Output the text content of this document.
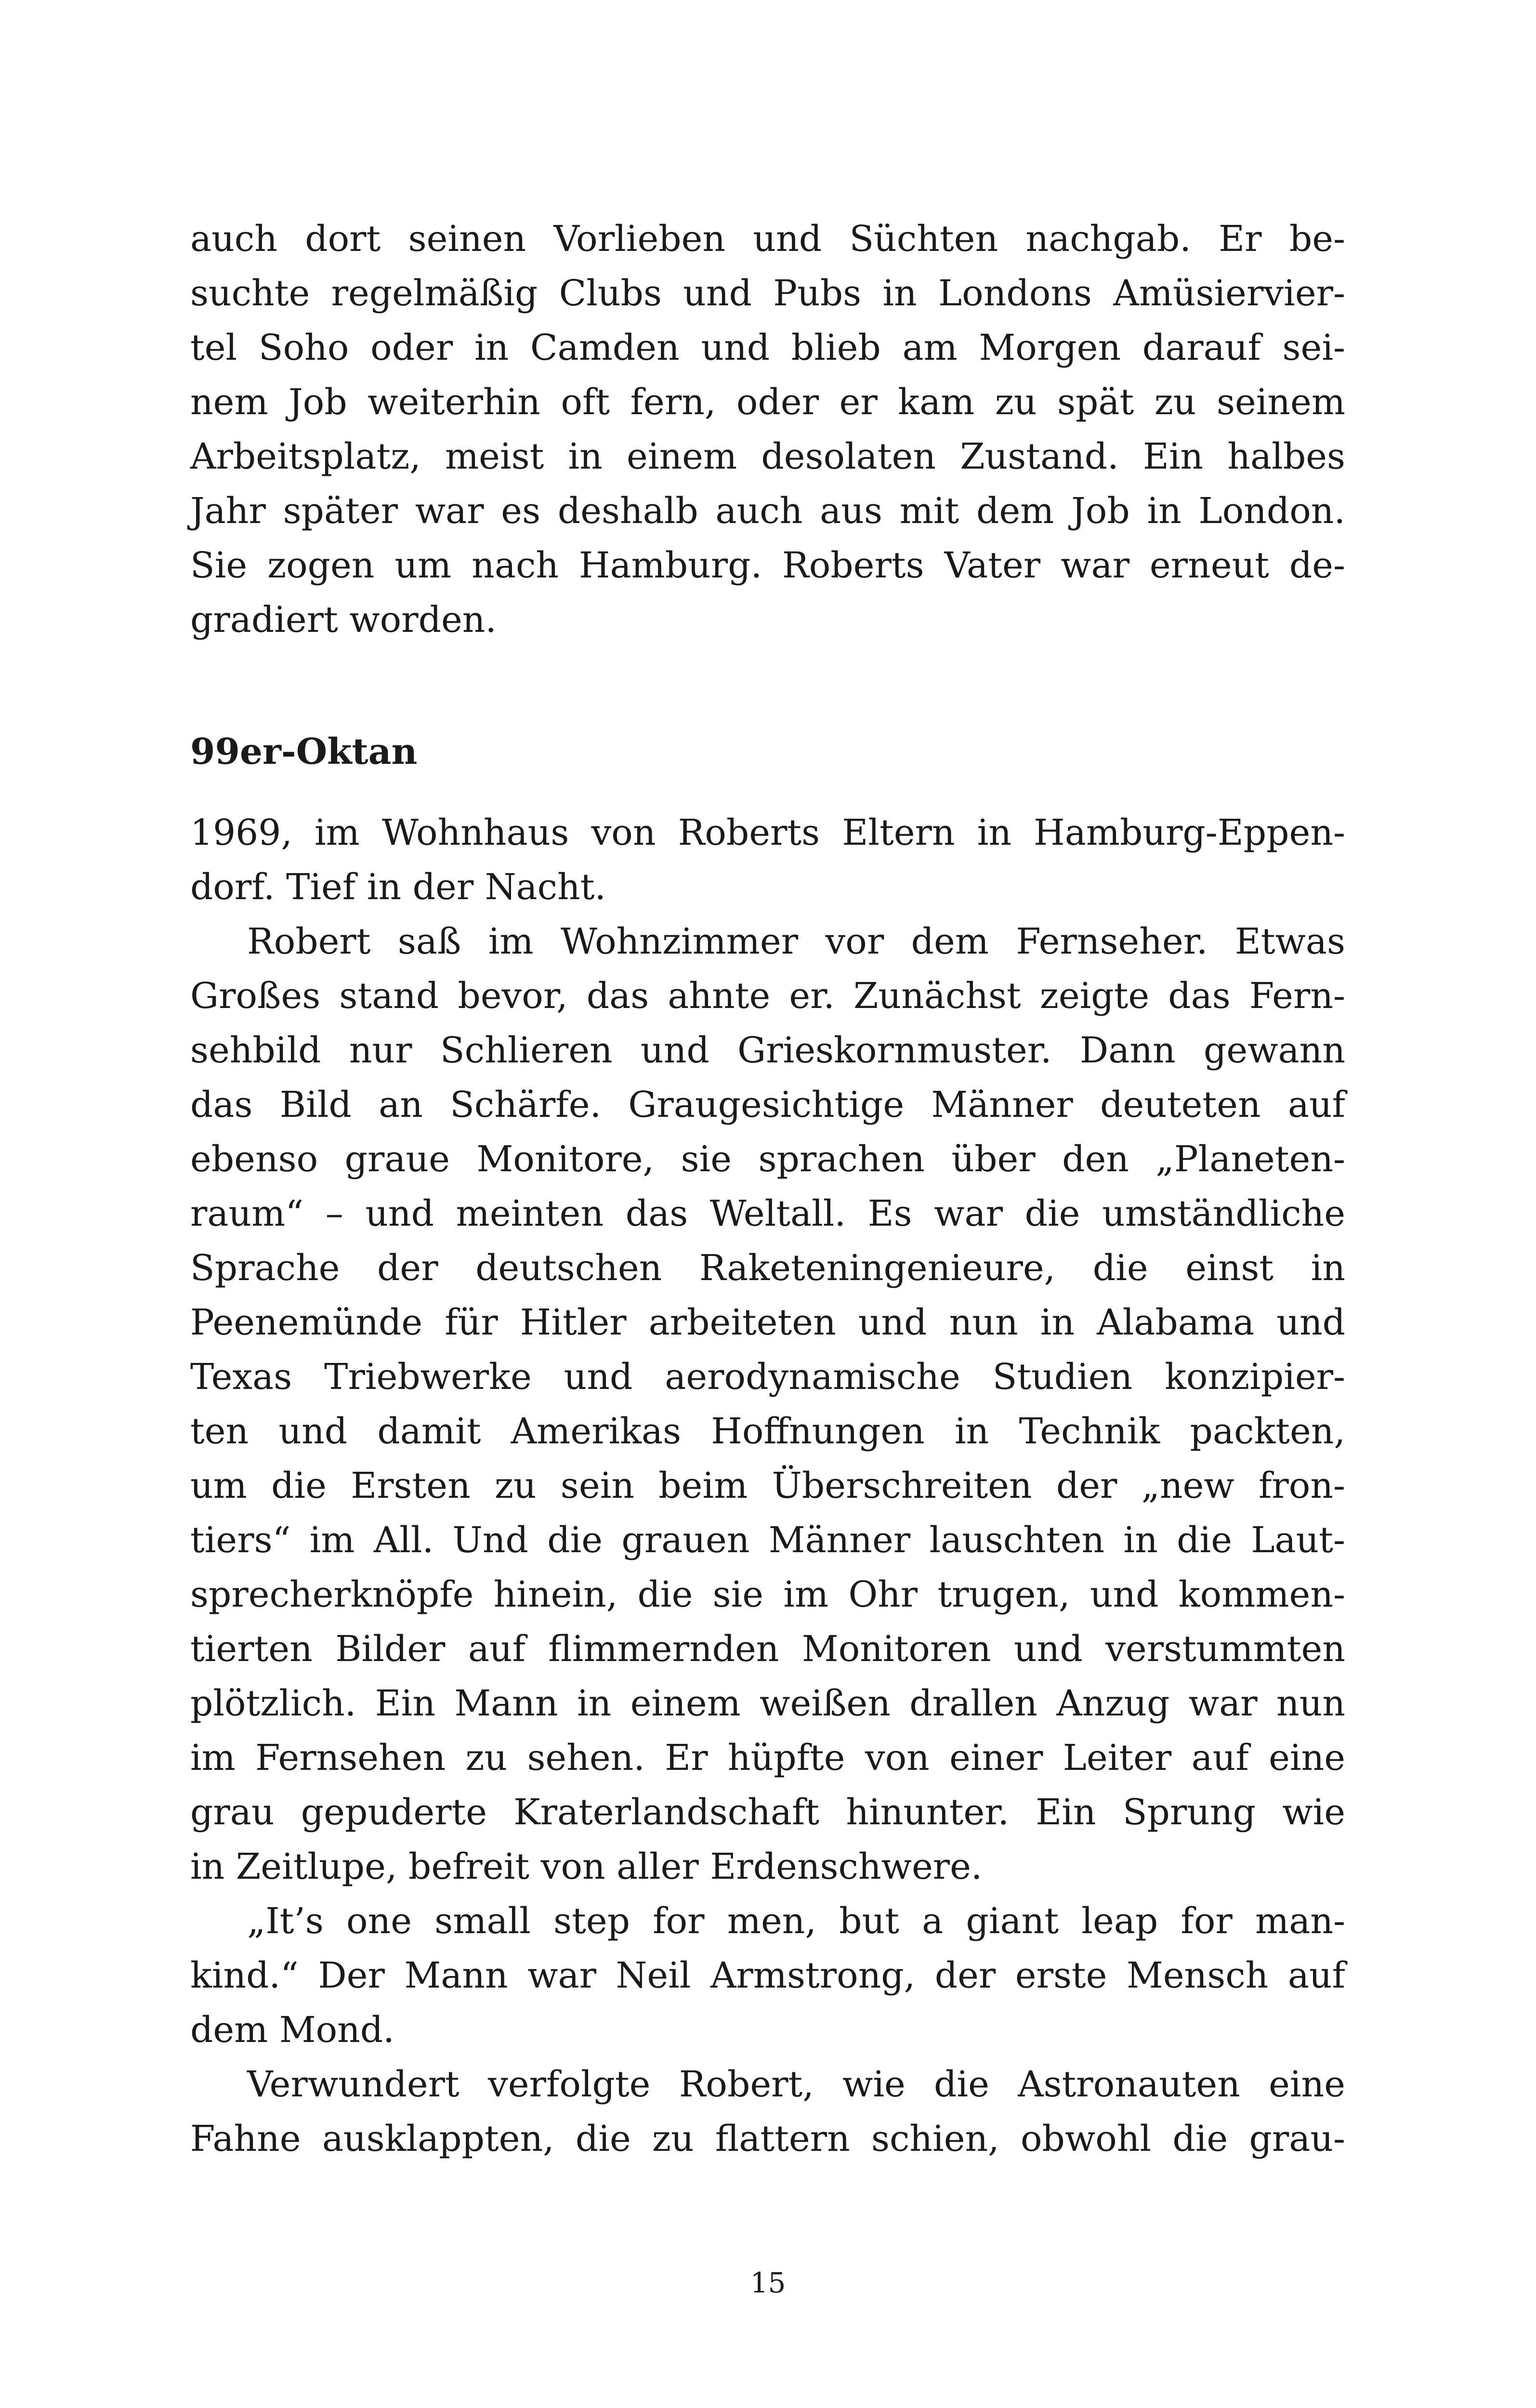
auch dort seinen Vorlieben und Süchten nachgab. Er be-
suchte regelmäßig Clubs und Pubs in Londons Amüsiervier-
tel Soho oder in Camden und blieb am Morgen darauf sei-
nem Job weiterhin oft fern, oder er kam zu spät zu seinem
Arbeitsplatz, meist in einem desolaten Zustand. Ein halbes
Jahr später war es deshalb auch aus mit dem Job in London.
Sie zogen um nach Hamburg. Roberts Vater war erneut de-
gradiert worden.
99er-Oktan
1969, im Wohnhaus von Roberts Eltern in Hamburg-Eppen-
dorf. Tief in der Nacht.
Robert saß im Wohnzimmer vor dem Fernseher. Etwas
Großes stand bevor, das ahnte er. Zunächst zeigte das Fern-
sehbild nur Schlieren und Grieskornmuster. Dann gewann
das Bild an Schärfe. Graugesichtige Männer deuteten auf
ebenso graue Monitore, sie sprachen über den „Planeten-
raum“ – und meinten das Weltall. Es war die umständliche
Sprache der deutschen Raketeningenieure, die einst in
Peenemünde für Hitler arbeiteten und nun in Alabama und
Texas Triebwerke und aerodynamische Studien konzipier-
ten und damit Amerikas Hoffnungen in Technik packten,
um die Ersten zu sein beim Überschreiten der „new fron-
tiers“ im All. Und die grauen Männer lauschten in die Laut-
sprecherknöpfe hinein, die sie im Ohr trugen, und kommen-
tierten Bilder auf flimmernden Monitoren und verstummten
plötzlich. Ein Mann in einem weißen drallen Anzug war nun
im Fernsehen zu sehen. Er hüpfte von einer Leiter auf eine
grau gepuderte Kraterlandschaft hinunter. Ein Sprung wie
in Zeitlupe, befreit von aller Erdenschwere.
„It’s one small step for men, but a giant leap for man-
kind.“ Der Mann war Neil Armstrong, der erste Mensch auf
dem Mond.
Verwundert verfolgte Robert, wie die Astronauten eine
Fahne ausklappten, die zu flattern schien, obwohl die grau-
15
